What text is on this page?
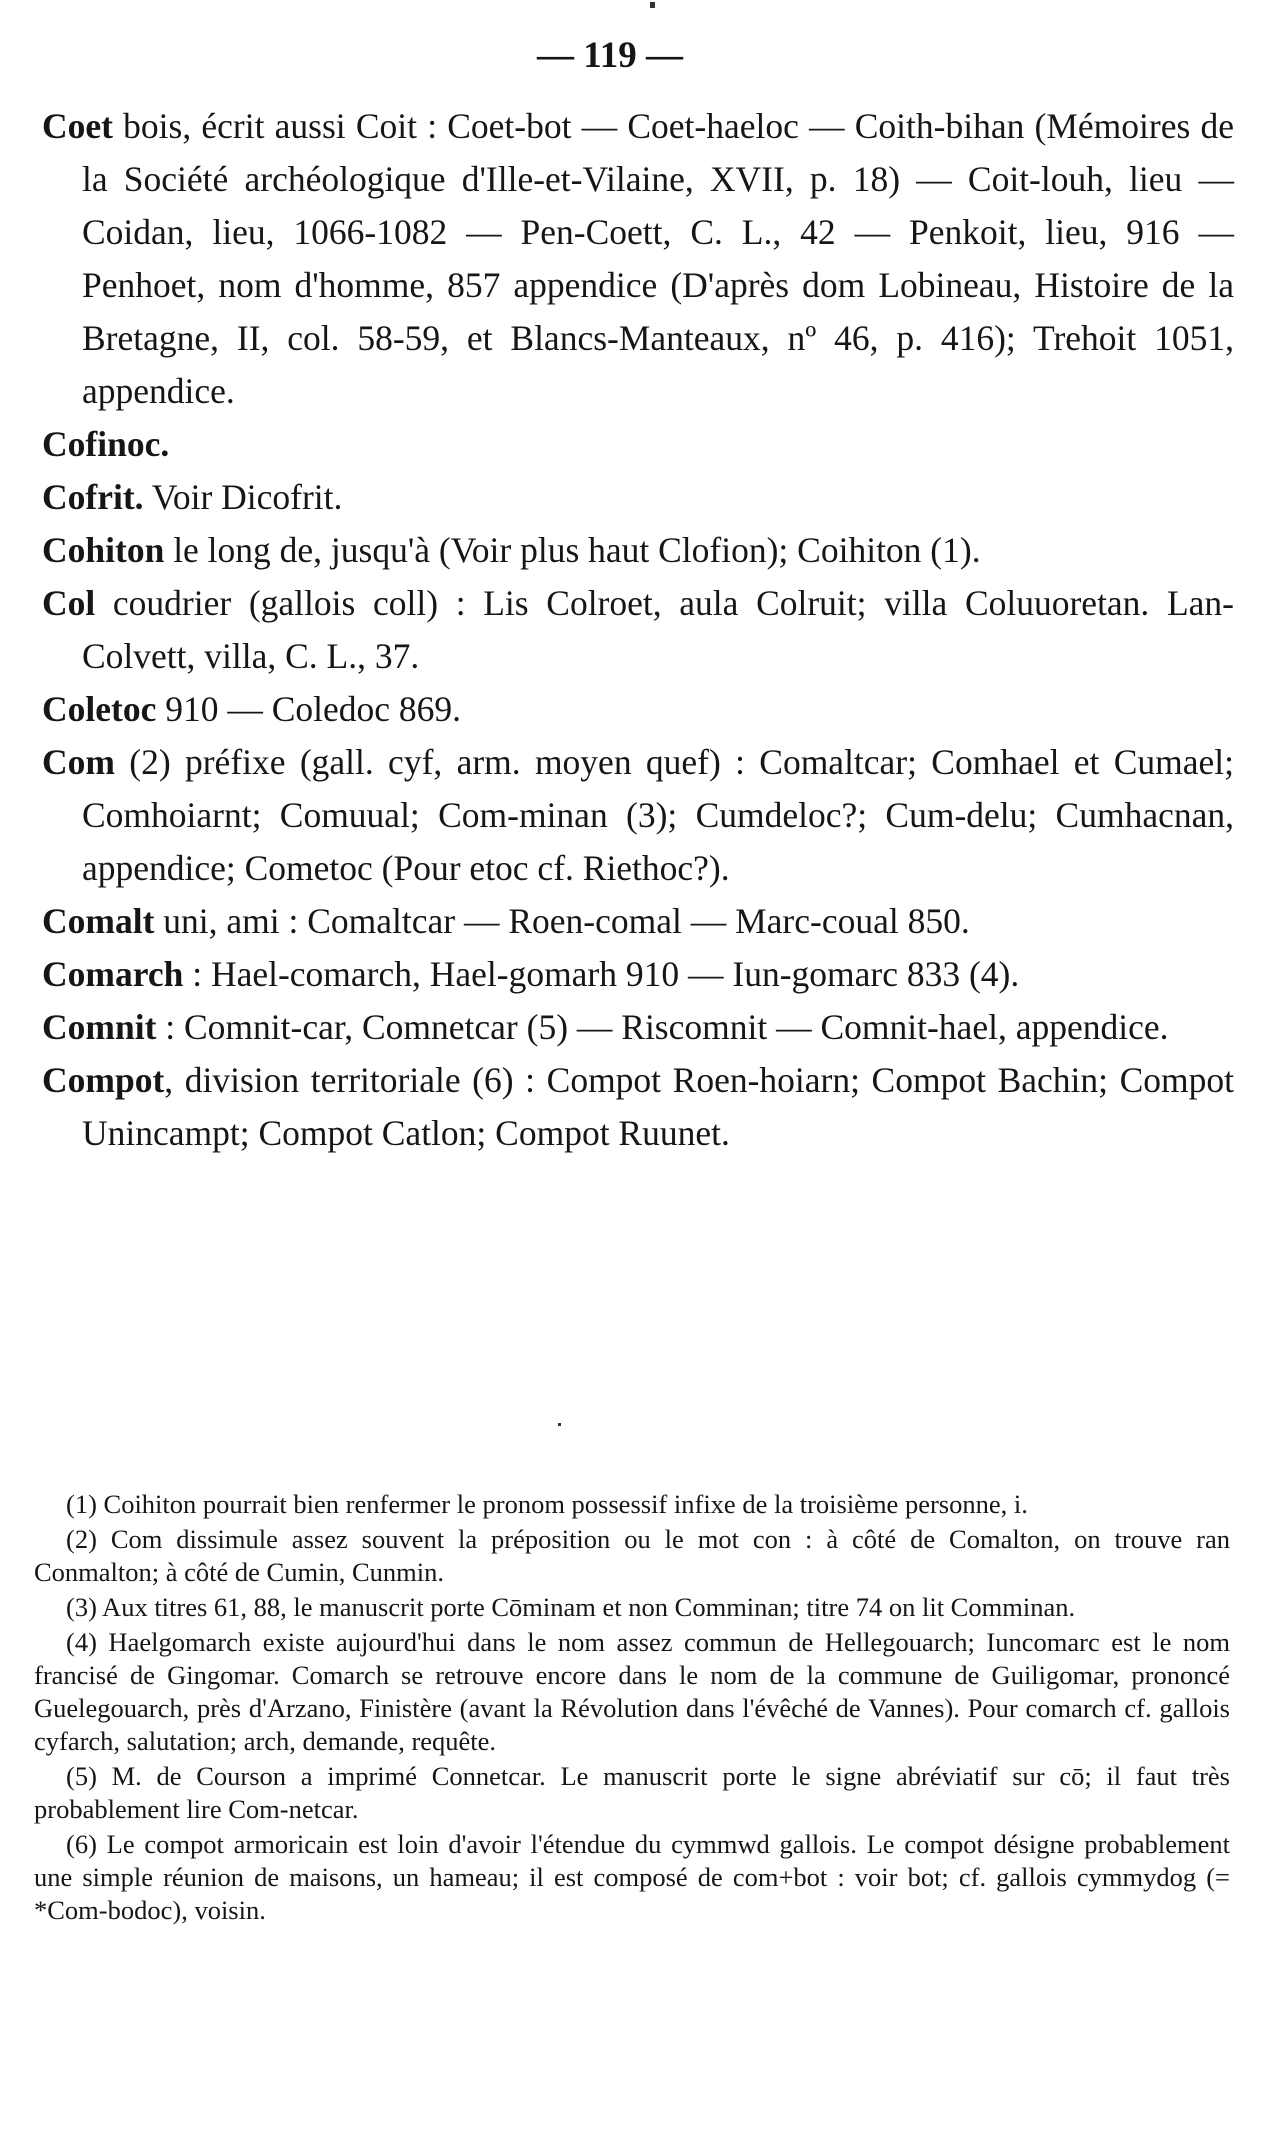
— 119 —

Coet bois, écrit aussi Coit : Coet-bot — Coet-haeloc — Coith-bihan (Mémoires de la Société archéologique d'Ille-et-Vilaine, XVII, p. 18) — Coit-louh, lieu — Coidan, lieu, 1066-1082 — Pen-Coett, C. L., 42 — Penkoit, lieu, 916 — Penhoet, nom d'homme, 857 appendice (D'après dom Lobineau, Histoire de la Bretagne, II, col. 58-59, et Blancs-Manteaux, nº 46, p. 416); Trehoit 1051, appendice.

Cofinoc.

Cofrit. Voir Dicofrit.

Cohiton le long de, jusqu'à (Voir plus haut Clofion); Coihiton (1).

Col coudrier (gallois coll) : Lis Colroet, aula Colruit; villa Coluuoretan. Lan-Colvett, villa, C. L., 37.

Coletoc 910 — Coledoc 869.

Com (2) préfixe (gall. cyf, arm. moyen quef) : Comaltcar; Comhael et Cumael; Comhoiarnt; Comuual; Com-minan (3); Cumdeloc?; Cum-delu; Cumhacnan, appendice; Cometoc (Pour etoc cf. Riethoc?).

Comalt uni, ami : Comaltcar — Roen-comal — Marc-coual 850.

Comarch : Hael-comarch, Hael-gomarh 910 — Iun-gomarc 833 (4).

Comnit : Comnit-car, Comnetcar (5) — Riscomnit — Comnit-hael, appendice.

Compot, division territoriale (6) : Compot Roen-hoiarn; Compot Bachin; Compot Unincampt; Compot Catlon; Compot Ruunet.

(1) Coihiton pourrait bien renfermer le pronom possessif infixe de la troisième personne, i.

(2) Com dissimule assez souvent la préposition ou le mot con : à côté de Comalton, on trouve ran Conmalton; à côté de Cumin, Cunmin.

(3) Aux titres 61, 88, le manuscrit porte Cōminam et non Comminan; titre 74 on lit Comminan.

(4) Haelgomarch existe aujourd'hui dans le nom assez commun de Hellegouarch; Iuncomarc est le nom francisé de Gingomar. Comarch se retrouve encore dans le nom de la commune de Guiligomar, prononcé Guelegouarch, près d'Arzano, Finistère (avant la Révolution dans l'évêché de Vannes). Pour comarch cf. gallois cyfarch, salutation; arch, demande, requête.

(5) M. de Courson a imprimé Connetcar. Le manuscrit porte le signe abréviatif sur cō; il faut très probablement lire Com-netcar.

(6) Le compot armoricain est loin d'avoir l'étendue du cymmwd gallois. Le compot désigne probablement une simple réunion de maisons, un hameau; il est composé de com+bot : voir bot; cf. gallois cymmydog (= *Com-bodoc), voisin.
